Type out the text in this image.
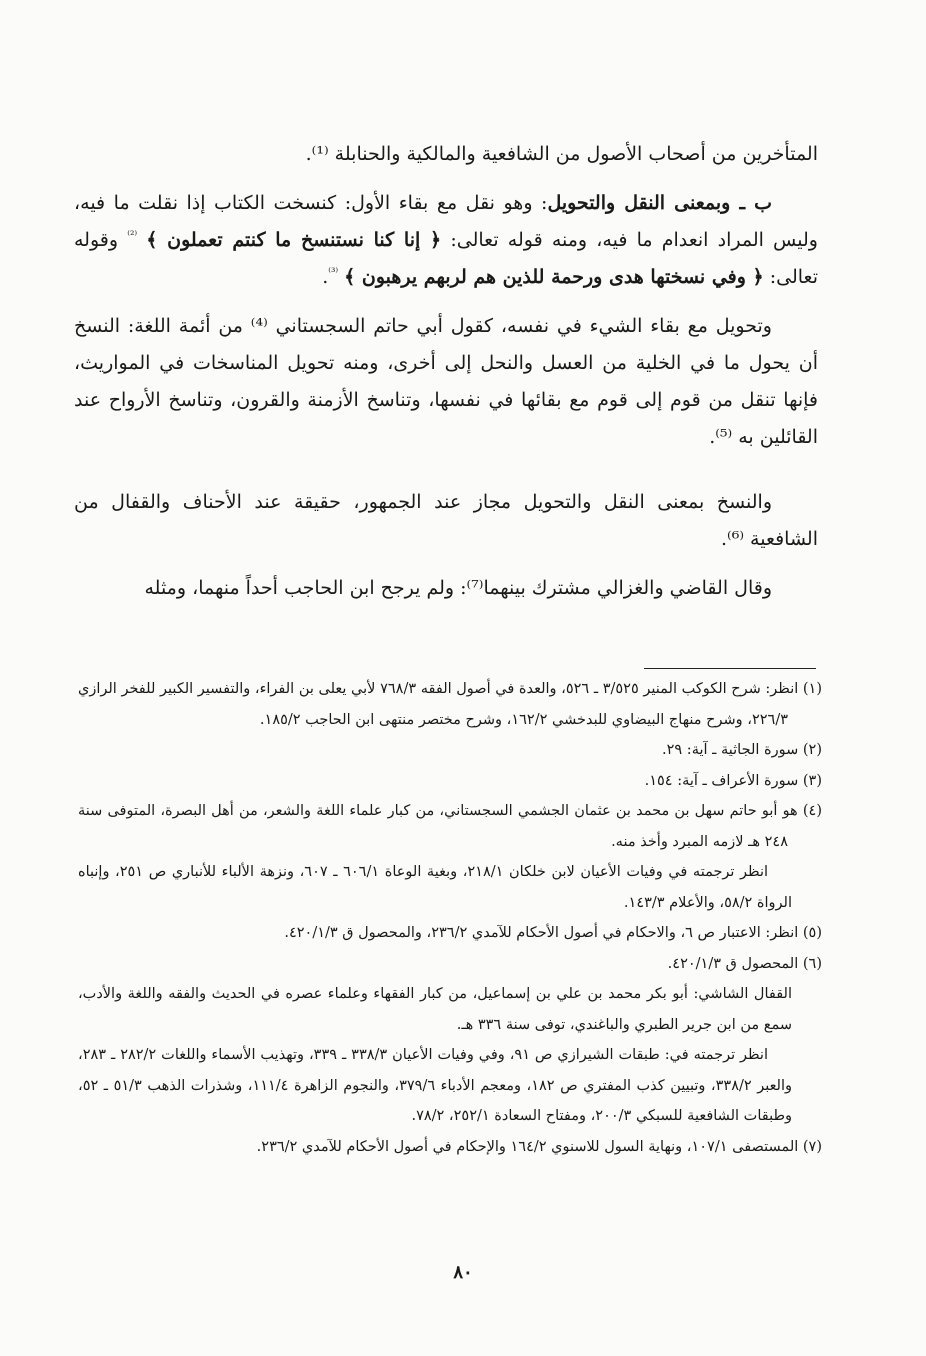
المتأخرين من أصحاب الأصول من الشافعية والمالكية والحنابلة ⁽¹⁾.

ب ـ وبمعنى النقل والتحويل: وهو نقل مع بقاء الأول: كنسخت الكتاب إذا نقلت ما فيه، وليس المراد انعدام ما فيه، ومنه قوله تعالى: ﴿ إنا كنا نستنسخ ما كنتم تعملون ﴾ $^{^{(2)}}$ وقوله تعالى: ﴿ وفي نسختها هدى ورحمة للذين هم لربهم يرهبون ﴾ $^{^{(3)}}$.

وتحويل مع بقاء الشيء في نفسه، كقول أبي حاتم السجستاني ⁽⁴⁾ من أئمة اللغة: النسخ أن يحول ما في الخلية من العسل والنحل إلى أخرى، ومنه تحويل المناسخات في المواريث، فإنها تنقل من قوم إلى قوم مع بقائها في نفسها، وتناسخ الأزمنة والقرون، وتناسخ الأرواح عند القائلين به ⁽⁵⁾.

والنسخ بمعنى النقل والتحويل مجاز عند الجمهور، حقيقة عند الأحناف والقفال من الشافعية ⁽⁶⁾.

وقال القاضي والغزالي مشترك بينهما⁽⁷⁾: ولم يرجح ابن الحاجب أحداً منهما، ومثله

(١) انظر: شرح الكوكب المنير ٣/٥٢٥ ـ ٥٢٦، والعدة في أصول الفقه ٧٦٨/٣ لأبي يعلى بن الفراء، والتفسير الكبير للفخر الرازي ٢٢٦/٣، وشرح منهاج البيضاوي للبدخشي ١٦٢/٢، وشرح مختصر منتهى ابن الحاجب ١٨٥/٢.

(٢) سورة الجاثية ـ آية: ٢٩.

(٣) سورة الأعراف ـ آية: ١٥٤.

(٤) هو أبو حاتم سهل بن محمد بن عثمان الجشمي السجستاني، من كبار علماء اللغة والشعر، من أهل البصرة، المتوفى سنة ٢٤٨ هـ لازمه المبرد وأخذ منه.

انظر ترجمته في وفيات الأعيان لابن خلكان ٢١٨/١، وبغية الوعاة ٦٠٦/١ ـ ٦٠٧، ونزهة الألباء للأنباري ص ٢٥١، وإنباه الرواة ٥٨/٢، والأعلام ١٤٣/٣.

(٥) انظر: الاعتبار ص ٦، والاحكام في أصول الأحكام للآمدي ٢٣٦/٢، والمحصول ق ٤٢٠/١/٣.

(٦) المحصول ق ٤٢٠/١/٣.

القفال الشاشي: أبو بكر محمد بن علي بن إسماعيل، من كبار الفقهاء وعلماء عصره في الحديث والفقه واللغة والأدب، سمع من ابن جرير الطبري والباغندي، توفى سنة ٣٣٦ هـ.

انظر ترجمته في: طبقات الشيرازي ص ٩١، وفي وفيات الأعيان ٣٣٨/٣ ـ ٣٣٩، وتهذيب الأسماء واللغات ٢٨٢/٢ ـ ٢٨٣، والعبر ٣٣٨/٢، وتبيين كذب المفتري ص ١٨٢، ومعجم الأدباء ٣٧٩/٦، والنجوم الزاهرة ١١١/٤، وشذرات الذهب ٥١/٣ ـ ٥٢، وطبقات الشافعية للسبكي ٢٠٠/٣، ومفتاح السعادة ٢٥٢/١، ٧٨/٢.

(٧) المستصفى ١٠٧/١، ونهاية السول للاسنوي ١٦٤/٢ والإحكام في أصول الأحكام للآمدي ٢٣٦/٢.

٨٠
